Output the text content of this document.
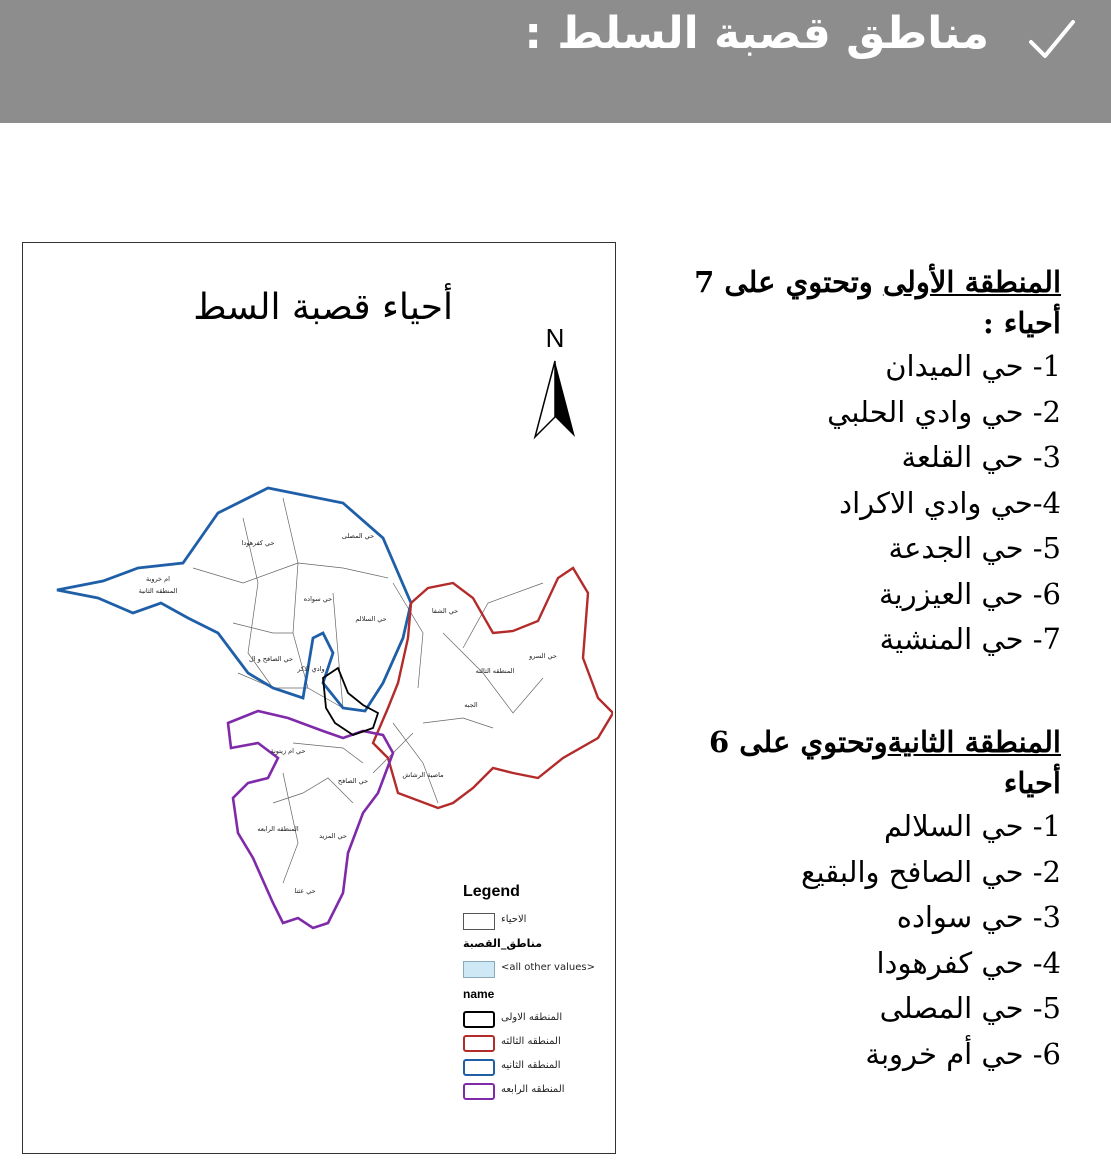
مناطق قصبة السلط :
أحياء قصبة السط
N
حي كفرهودا
ام خروبة
المنطقه الثانية
حي المصلى
حي سواده
حي السلالم
حي الصافح و ال
وادي الاكر
حي الشفا
حي السرو
المنطقه الثالثه
الجبه
حي ام زيتونة
حي الصافح
ماصية الرشاش
المنطقه الرابعه
حي المزيد
حي عثنا	Legend
الاحياء
مناطق_القصبة
<all other values>
name
المنطقه الاولى
المنطقه الثالثه
المنطقه الثانيه
المنطقه الرابعه
المنطقة الأولى وتحتوي على 7
أحياء :
1- حي الميدان
2- حي وادي الحلبي
3- حي القلعة
4-حي وادي الاكراد
5- حي الجدعة
6- حي العيزرية
7- حي المنشية
المنطقة الثانيةوتحتوي على 6
أحياء
1- حي السلالم
2- حي الصافح والبقيع
3- حي سواده
4- حي كفرهودا
5- حي المصلى
6- حي أم خروبة
